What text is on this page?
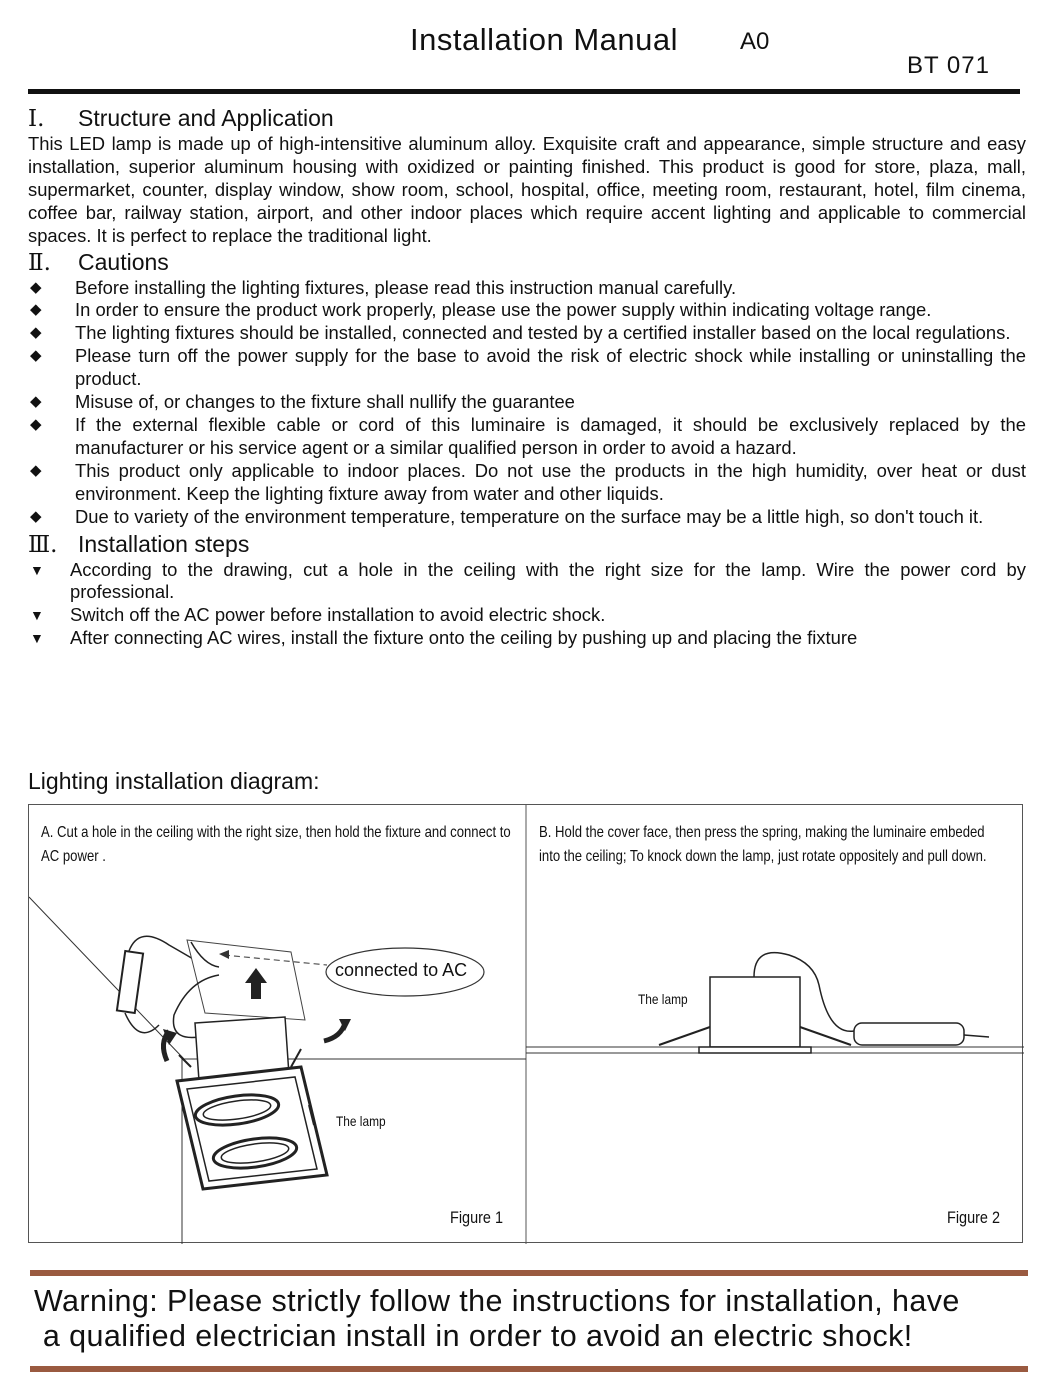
Installation Manual	A0
BT 071
Ⅰ.	Structure and Application
This LED lamp is made up of high-intensitive aluminum alloy. Exquisite craft and appearance, simple structure and easy installation, superior aluminum housing with oxidized or painting finished. This product is good for store, plaza, mall, supermarket, counter, display window, show room, school, hospital, office, meeting room, restaurant, hotel, film cinema, coffee bar, railway station, airport, and other indoor places which require accent lighting and applicable to commercial spaces. It is perfect to replace the traditional light.
Ⅱ.	Cautions
◆	Before installing the lighting fixtures, please read this instruction manual carefully.
◆	In order to ensure the product work properly, please use the power supply within indicating voltage range.
◆	The lighting fixtures should be installed, connected and tested by a certified installer based on the local regulations.
◆	Please turn off the power supply for the base to avoid the risk of electric shock while installing or uninstalling the product.
◆	Misuse of, or changes to the fixture shall nullify the guarantee
◆	If the external flexible cable or cord of this luminaire is damaged, it should be exclusively replaced by the manufacturer or his service agent or a similar qualified person in order to avoid a hazard.
◆	This product only applicable to indoor places. Do not use the products in the high humidity, over heat or dust environment. Keep the lighting fixture away from water and other liquids.
◆	Due to variety of the environment temperature, temperature on the surface may be a little high, so don't touch it.
Ⅲ. Installation steps
▼	According to the drawing, cut a hole in the ceiling with the right size for the lamp. Wire the power cord by professional.
▼	Switch off the AC power before installation to avoid electric shock.
▼	After connecting AC wires, install the fixture onto the ceiling by pushing up and placing the fixture
Lighting installation diagram:
A. Cut a hole in the ceiling with the right size, then hold the fixture and connect to AC power .
B. Hold the cover face, then press the spring, making the luminaire embeded into the ceiling; To knock down the lamp, just rotate oppositely and pull down.
connected to AC
The lamp
Figure 1
The lamp
Figure 2
Warning: Please strictly follow the instructions for installation, have
a qualified electrician install in order to avoid an electric shock!
